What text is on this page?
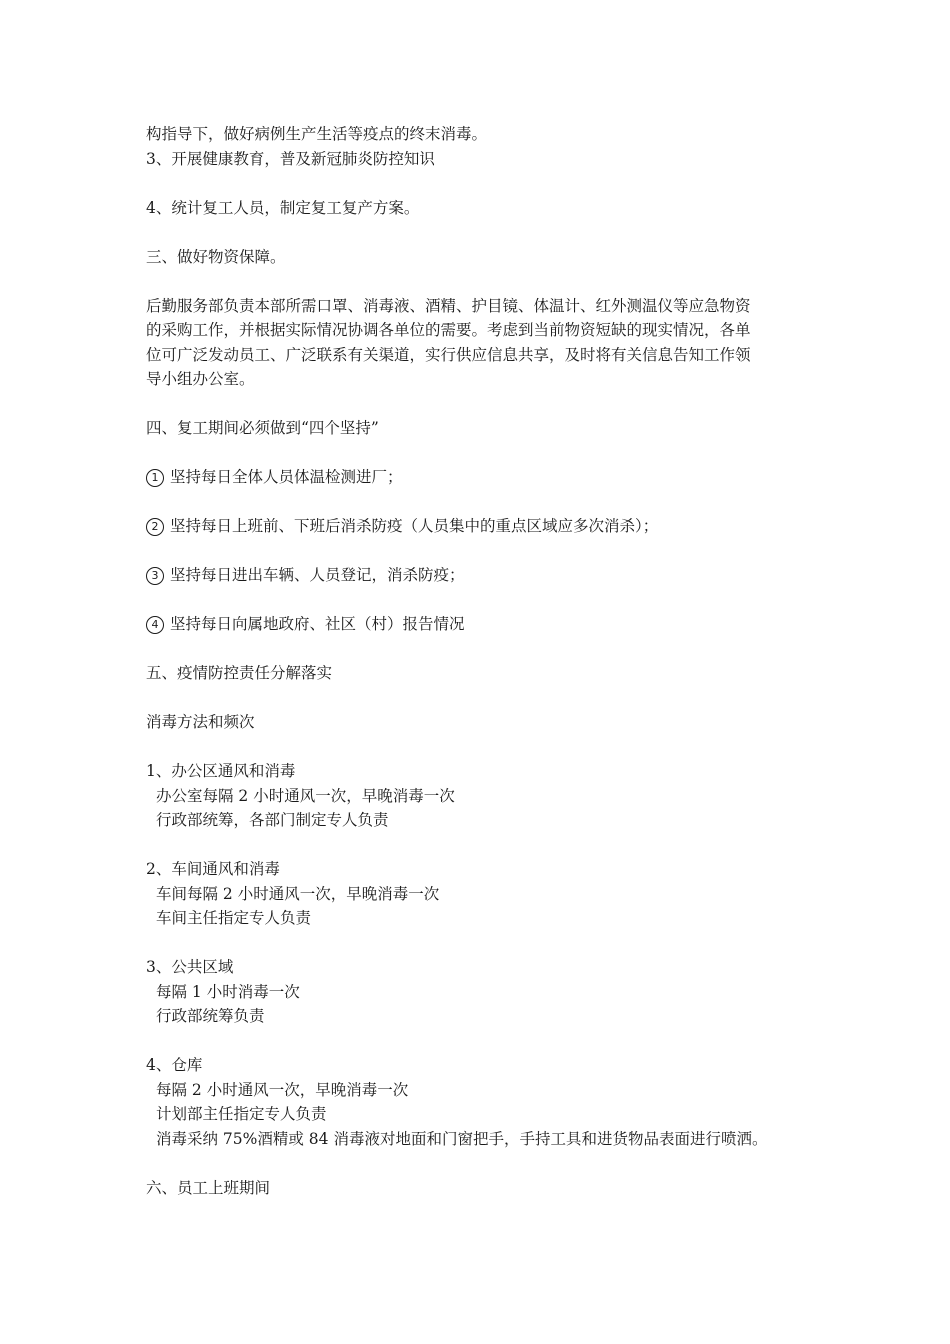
构指导下，做好病例生产生活等疫点的终末消毒。
3、开展健康教育，普及新冠肺炎防控知识
4、统计复工人员，制定复工复产方案。
三、做好物资保障。
后勤服务部负责本部所需口罩、消毒液、酒精、护目镜、体温计、红外测温仪等应急物资
的采购工作，并根据实际情况协调各单位的需要。考虑到当前物资短缺的现实情况，各单
位可广泛发动员工、广泛联系有关渠道，实行供应信息共享，及时将有关信息告知工作领
导小组办公室。
四、复工期间必须做到“四个坚持”
1 坚持每日全体人员体温检测进厂；
2 坚持每日上班前、下班后消杀防疫（人员集中的重点区域应多次消杀）；
3 坚持每日进出车辆、人员登记，消杀防疫；
4 坚持每日向属地政府、社区（村）报告情况
五、疫情防控责任分解落实
消毒方法和频次
1、办公区通风和消毒
办公室每隔 2 小时通风一次，早晚消毒一次
行政部统筹，各部门制定专人负责
2、车间通风和消毒
车间每隔 2 小时通风一次，早晚消毒一次
车间主任指定专人负责
3、公共区域
每隔 1 小时消毒一次
行政部统筹负责
4、仓库
每隔 2 小时通风一次，早晚消毒一次
计划部主任指定专人负责
消毒采纳 75%酒精或 84 消毒液对地面和门窗把手，手持工具和进货物品表面进行喷洒。
六、员工上班期间
